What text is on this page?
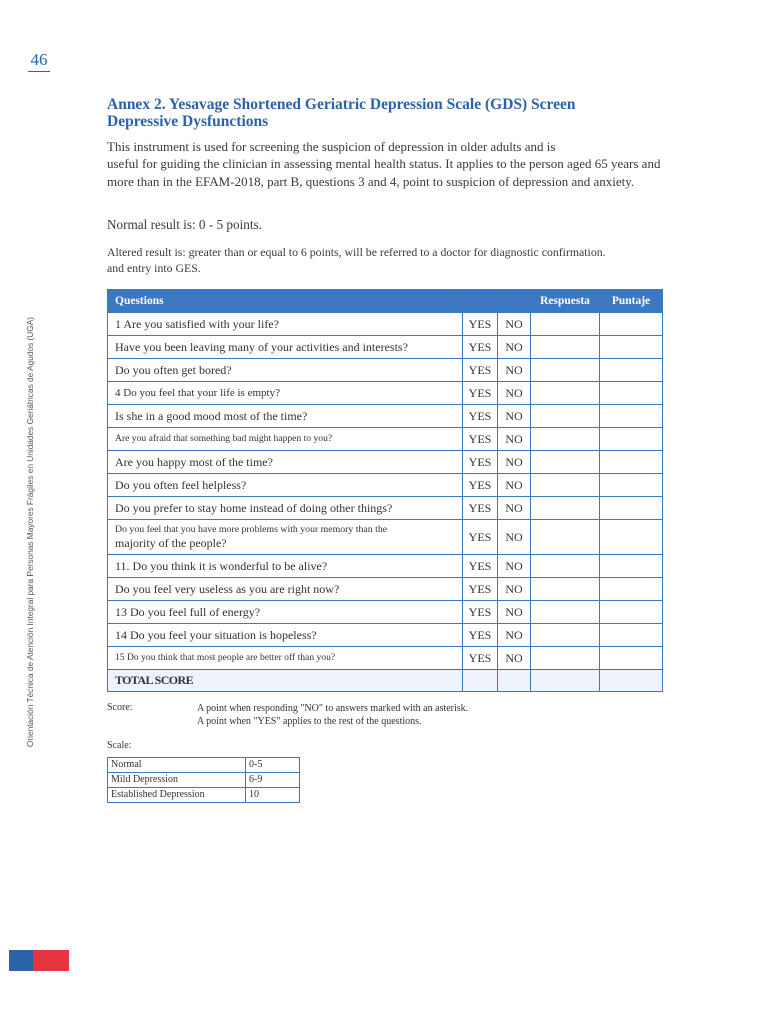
46
Orientación Técnica de Atención Integral para Personas Mayores Frágiles en Unidades Geriátricas de Agudos (UGA)
Annex 2. Yesavage Shortened Geriatric Depression Scale (GDS) Screen
Depressive Dysfunctions

This instrument is used for screening the suspicion of depression in older adults and is

useful for guiding the clinician in assessing mental health status. It applies to the person aged 65 years and more than in the EFAM-2018, part B, questions 3 and 4, point to suspicion of depression and anxiety.

Normal result is: 0 - 5 points.
Altered result is: greater than or equal to 6 points, will be referred to a doctor for diagnostic confirmation.
and entry into GES.
Questions			Respuesta	Puntaje
1 Are you satisfied with your life?	YES	NO		
Have you been leaving many of your activities and interests?	YES	NO		
Do you often get bored?	YES	NO		
4 Do you feel that your life is empty?	YES	NO		
Is she in a good mood most of the time?	YES	NO		
Are you afraid that something bad might happen to you?	YES	NO		
Are you happy most of the time?	YES	NO		
Do you often feel helpless?	YES	NO		
Do you prefer to stay home instead of doing other things?	YES	NO		

Do you feel that you have more problems with your memory than the
majority of the people?	YES	NO		
11. Do you think it is wonderful to be alive?	YES	NO		
Do you feel very useless as you are right now?	YES	NO		
13 Do you feel full of energy?	YES	NO		
14 Do you feel your situation is hopeless?	YES	NO		
15 Do you think that most people are better off than you?	YES	NO		
TOTAL SCORE				
Score:	A point when responding "NO" to answers marked with an asterisk.
A point when "YES" applies to the rest of the questions.
Scale:
Normal	0-5
Mild Depression	6-9
Established Depression	10
